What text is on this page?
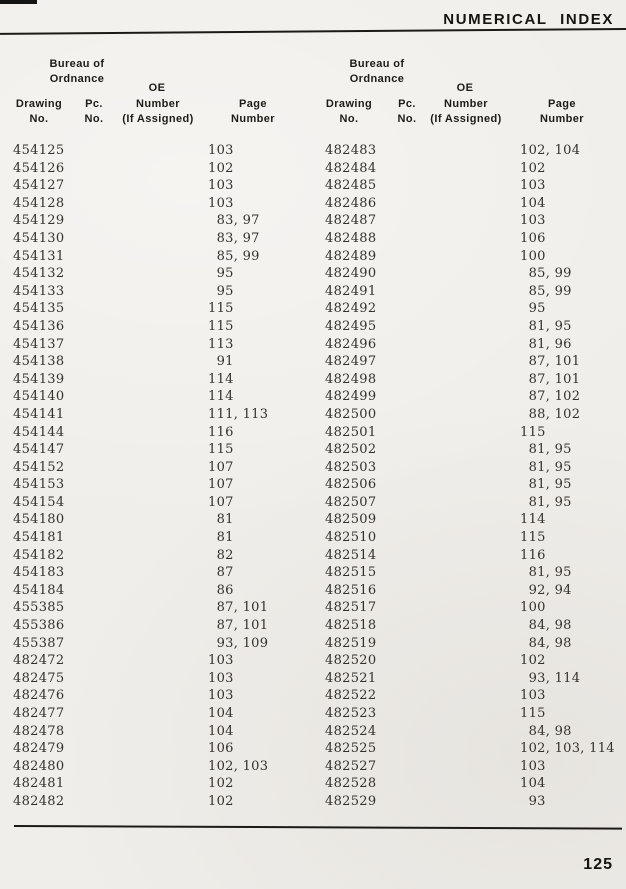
NUMERICAL INDEX
Bureau of
Ordnance
OE
Drawing
No.
Pc.
No.
Number
(If Assigned)
Page
Number
Bureau of
Ordnance
OE
Drawing
No.
Pc.
No.
Number
(If Assigned)
Page
Number
454125	103
454126	102
454127	103
454128	103
454129	 83, 97
454130	 83, 97
454131	 85, 99
454132	 95
454133	 95
454135	115
454136	115
454137	113
454138	 91
454139	114
454140	114
454141	111, 113
454144	116
454147	115
454152	107
454153	107
454154	107
454180	 81
454181	 81
454182	 82
454183	 87
454184	 86
455385	 87, 101
455386	 87, 101
455387	 93, 109
482472	103
482475	103
482476	103
482477	104
482478	104
482479	106
482480	102, 103
482481	102
482482	102
482483	102, 104
482484	102
482485	103
482486	104
482487	103
482488	106
482489	100
482490	 85, 99
482491	 85, 99
482492	 95
482495	 81, 95
482496	 81, 96
482497	 87, 101
482498	 87, 101
482499	 87, 102
482500	 88, 102
482501	115
482502	 81, 95
482503	 81, 95
482506	 81, 95
482507	 81, 95
482509	114
482510	115
482514	116
482515	 81, 95
482516	 92, 94
482517	100
482518	 84, 98
482519	 84, 98
482520	102
482521	 93, 114
482522	103
482523	115
482524	 84, 98
482525	102, 103, 114
482527	103
482528	104
482529	 93
125
